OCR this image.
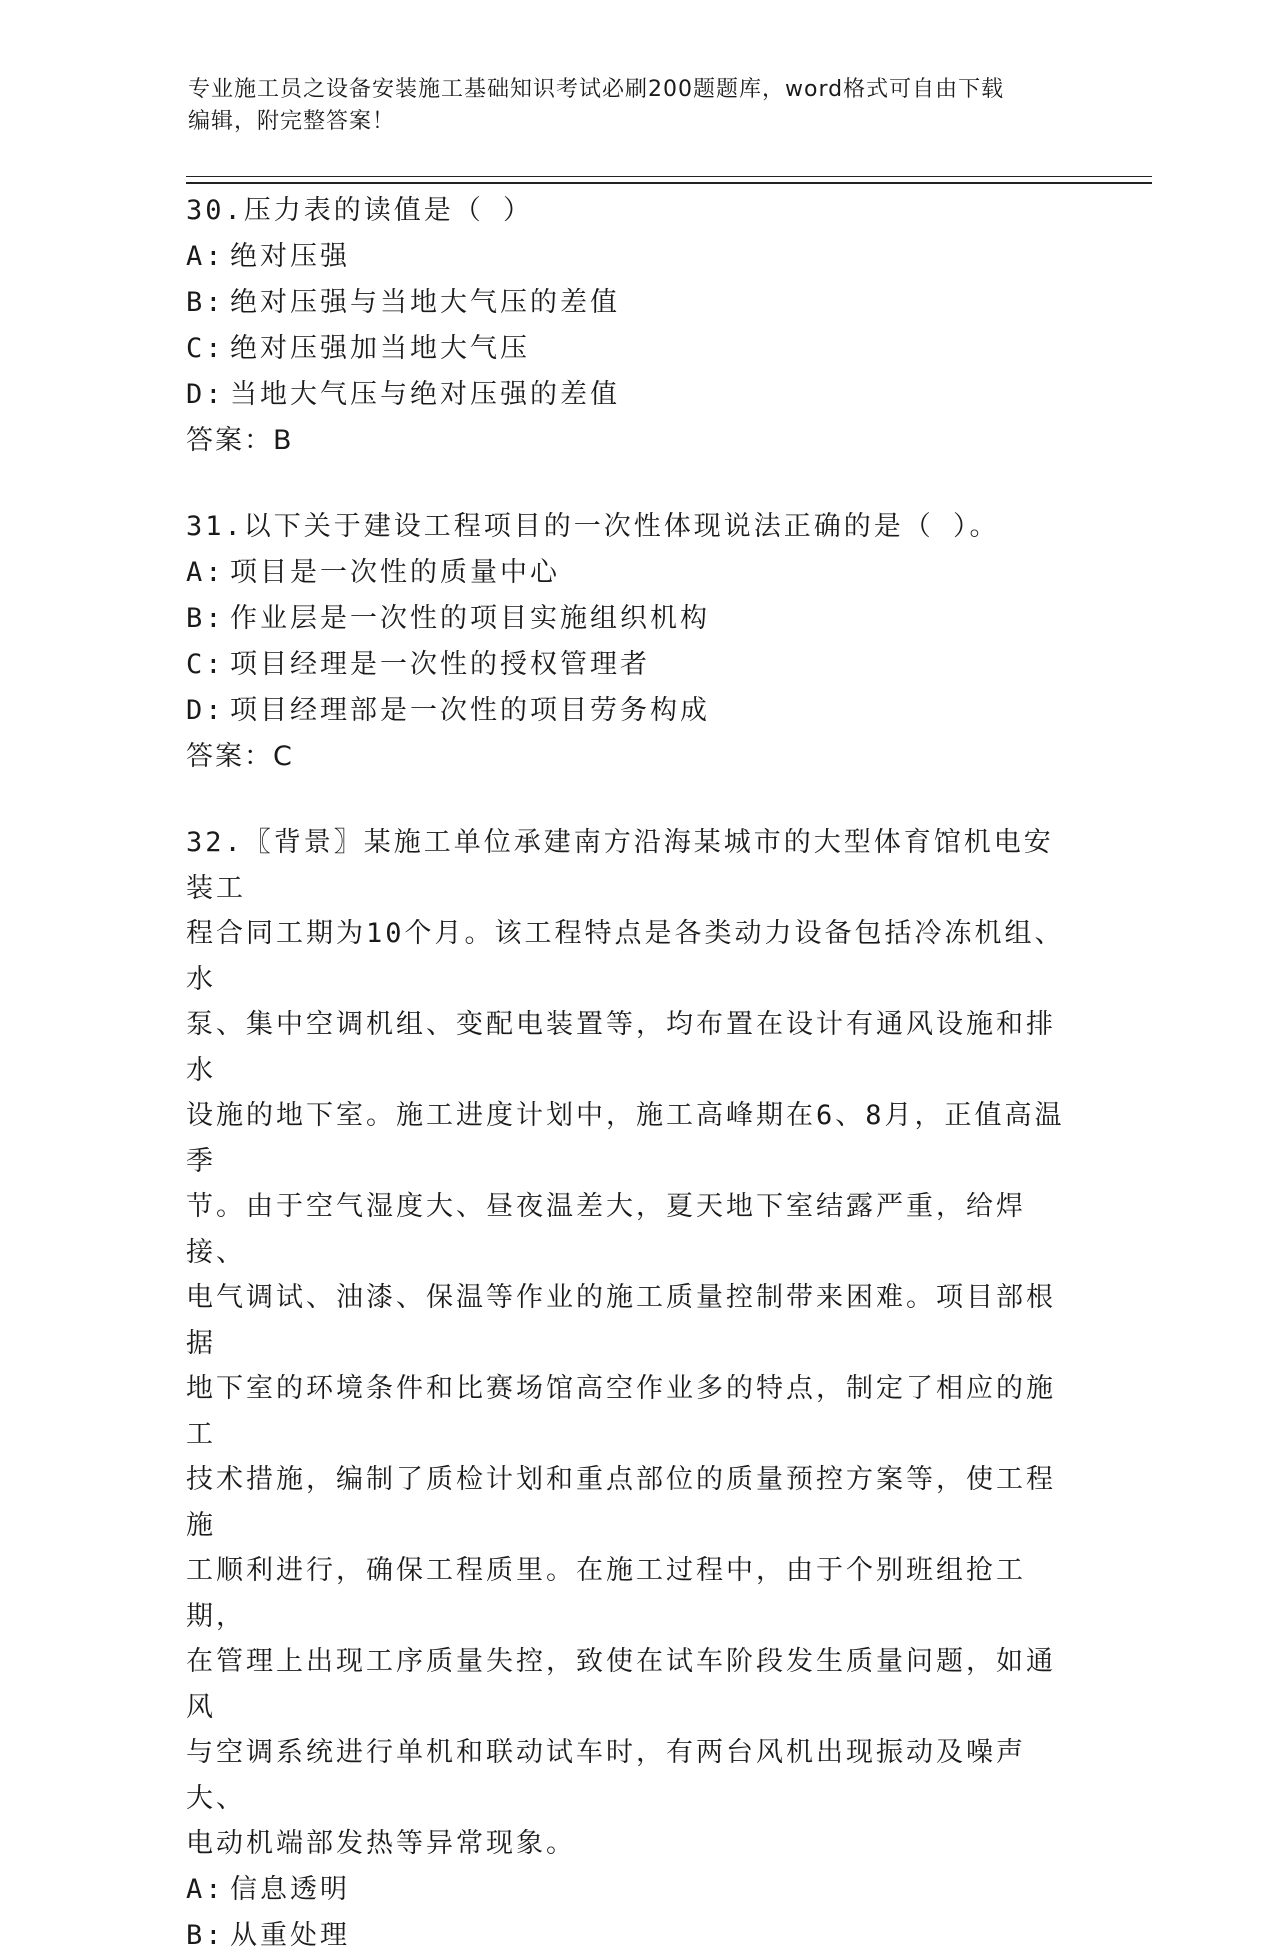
专业施工员之设备安装施工基础知识考试必刷200题题库，word格式可自由下载
编辑，附完整答案！
30.压力表的读值是（ ）
A: 绝对压强
B: 绝对压强与当地大气压的差值
C: 绝对压强加当地大气压
D: 当地大气压与绝对压强的差值
答案：B
31.以下关于建设工程项目的一次性体现说法正确的是（ ）。
A: 项目是一次性的质量中心
B: 作业层是一次性的项目实施组织机构
C: 项目经理是一次性的授权管理者
D: 项目经理部是一次性的项目劳务构成
答案：C
32.〖背景〗某施工单位承建南方沿海某城市的大型体育馆机电安装工
程合同工期为10个月。该工程特点是各类动力设备包括冷冻机组、水
泵、集中空调机组、变配电装置等，均布置在设计有通风设施和排水
设施的地下室。施工进度计划中，施工高峰期在6、8月，正值高温季
节。由于空气湿度大、昼夜温差大，夏天地下室结露严重，给焊接、
电气调试、油漆、保温等作业的施工质量控制带来困难。项目部根据
地下室的环境条件和比赛场馆高空作业多的特点，制定了相应的施工
技术措施，编制了质检计划和重点部位的质量预控方案等，使工程施
工顺利进行，确保工程质里。在施工过程中，由于个别班组抢工期，
在管理上出现工序质量失控，致使在试车阶段发生质量问题，如通风
与空调系统进行单机和联动试车时，有两台风机出现振动及噪声大、
电动机端部发热等异常现象。
A: 信息透明
B: 从重处理
